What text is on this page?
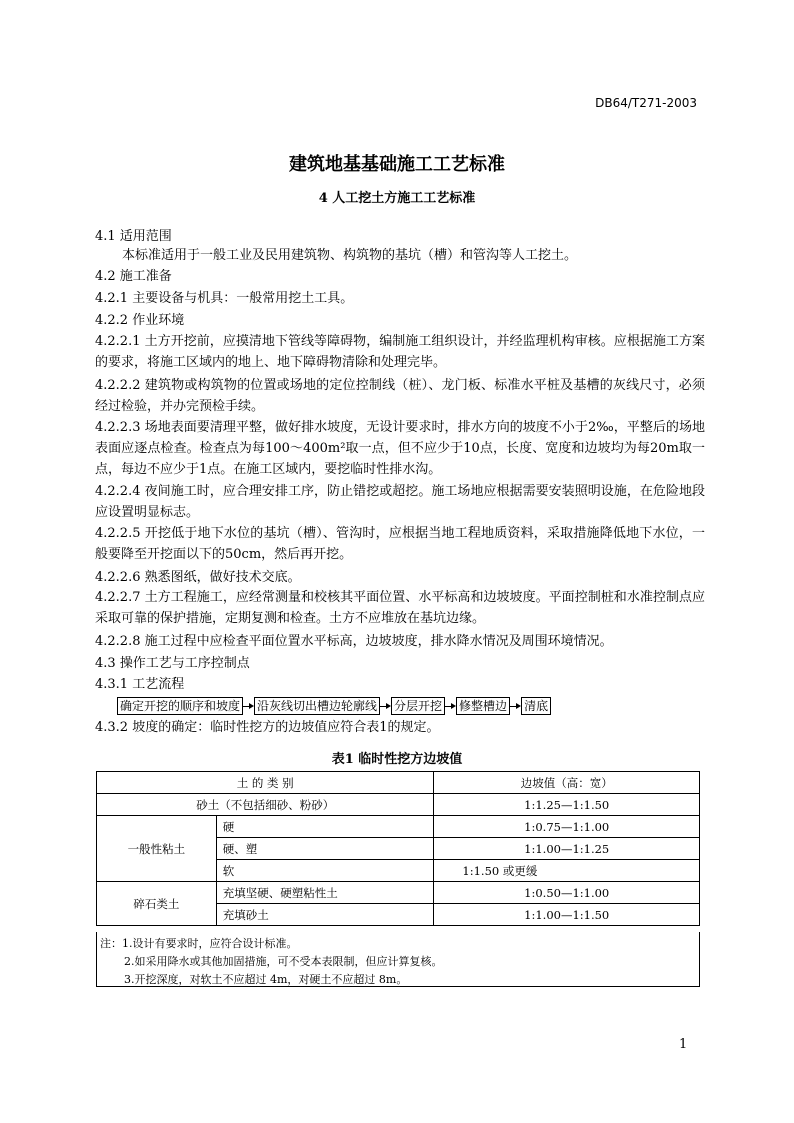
DB64/T271-2003
建筑地基基础施工工艺标准
4 人工挖土方施工工艺标准
4.1 适用范围
本标准适用于一般工业及民用建筑物、构筑物的基坑（槽）和管沟等人工挖土。
4.2 施工准备
4.2.1 主要设备与机具：一般常用挖土工具。
4.2.2 作业环境
4.2.2.1 土方开挖前，应摸清地下管线等障碍物，编制施工组织设计，并经监理机构审核。应根据施工方案的要求，将施工区域内的地上、地下障碍物清除和处理完毕。
4.2.2.2 建筑物或构筑物的位置或场地的定位控制线（桩）、龙门板、标准水平桩及基槽的灰线尺寸，必须经过检验，并办完预检手续。
4.2.2.3 场地表面要清理平整，做好排水坡度，无设计要求时，排水方向的坡度不小于2‰，平整后的场地表面应逐点检查。检查点为每100～400m²取一点，但不应少于10点，长度、宽度和边坡均为每20m取一点，每边不应少于1点。在施工区域内，要挖临时性排水沟。
4.2.2.4 夜间施工时，应合理安排工序，防止错挖或超挖。施工场地应根据需要安装照明设施，在危险地段应设置明显标志。
4.2.2.5 开挖低于地下水位的基坑（槽）、管沟时，应根据当地工程地质资料，采取措施降低地下水位，一般要降至开挖面以下的50cm，然后再开挖。
4.2.2.6 熟悉图纸，做好技术交底。
4.2.2.7 土方工程施工，应经常测量和校核其平面位置、水平标高和边坡坡度。平面控制桩和水准控制点应采取可靠的保护措施，定期复测和检查。土方不应堆放在基坑边缘。
4.2.2.8 施工过程中应检查平面位置水平标高，边坡坡度，排水降水情况及周围环境情况。
4.3 操作工艺与工序控制点
4.3.1 工艺流程
确定开挖的顺序和坡度 沿灰线切出槽边轮廓线 分层开挖 修整槽边 清底
4.3.2 坡度的确定：临时性挖方的边坡值应符合表1的规定。
表1 临时性挖方边坡值
土 的 类 别		边坡值（高：宽）
砂土（不包括细砂、粉砂）		1:1.25—1:1.50
一般性粘土	硬	1:0.75—1:1.00
	硬、塑	1:1.00—1:1.25
	软	1:1.50 或更缓
碎石类土	充填坚硬、硬塑粘性土	1:0.50—1:1.00
	充填砂土	1:1.00—1:1.50
注：1.设计有要求时，应符合设计标准。
2.如采用降水或其他加固措施，可不受本表限制，但应计算复核。
3.开挖深度，对软土不应超过 4m，对硬土不应超过 8m。
1
